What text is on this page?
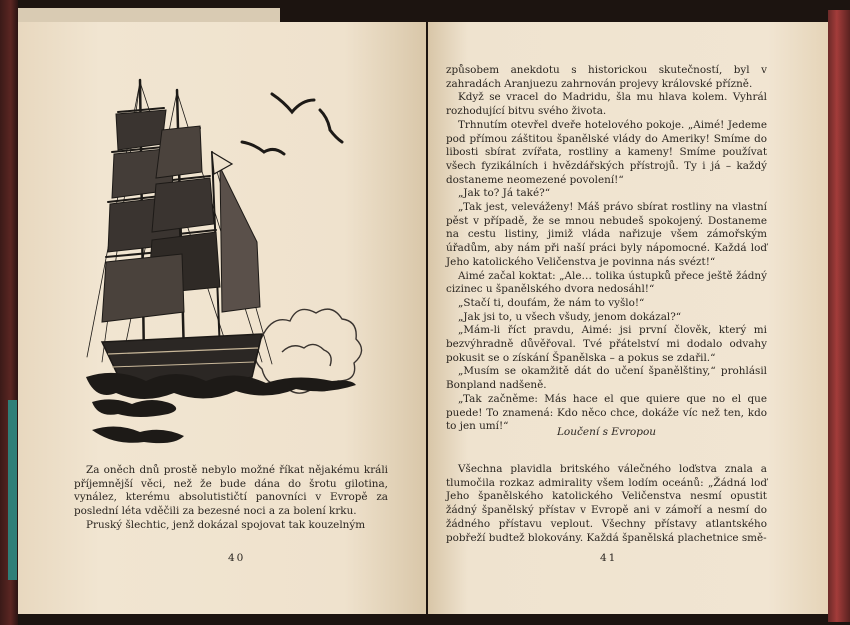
Za oněch dnů prostě nebylo možné říkat nějakému králi příjemnější věci, než že bude dána do šrotu gilotina, vynález, kterému absolutističtí panovníci v Evropě za poslední léta vděčili za bezesné noci a za bolení krku.

Pruský šlechtic, jenž dokázal spojovat tak kouzelným

40

způsobem anekdotu s historickou skutečností, byl v zahradách Aranjuezu zahrnován projevy královské přízně.

Když se vracel do Madridu, šla mu hlava kolem. Vyhrál rozhodující bitvu svého života.

Trhnutím otevřel dveře hotelového pokoje. „Aimé! Jedeme pod přímou záštitou španělské vlády do Ameriky! Smíme do libosti sbírat zvířata, rostliny a kameny! Smíme používat všech fyzikálních i hvězdářských přístrojů. Ty i já – každý dostaneme neomezené povolení!“

„Jak to? Já také?“

„Tak jest, veleváženy! Máš právo sbírat rostliny na vlastní pěst v případě, že se mnou nebudeš spokojený. Dostaneme na cestu listiny, jimiž vláda nařizuje všem zámořským úřadům, aby nám při naší práci byly nápomocné. Každá loď Jeho katolického Veličenstva je povinna nás svézt!“

Aimé začal koktat: „Ale… tolika ústupků přece ještě žádný cizinec u španělského dvora nedosáhl!“

„Stačí ti, doufám, že nám to vyšlo!“

„Jak jsi to, u všech všudy, jenom dokázal?“

„Mám-li říct pravdu, Aimé: jsi první člověk, který mi bezvýhradně důvěřoval. Tvé přátelství mi dodalo odvahy pokusit se o získání Španělska – a pokus se zdařil.“

„Musím se okamžitě dát do učení španělštiny,“ prohlásil Bonpland nadšeně.

„Tak začněme: Más hace el que quiere que no el que puede! To znamená: Kdo něco chce, dokáže víc než ten, kdo to jen umí!“	Loučení s Evropou

Všechna plavidla britského válečného loďstva znala a tlumočila rozkaz admirality všem lodím oceánů: „Žádná loď Jeho španělského katolického Veličenstva nesmí opustit žádný španělský přístav v Evropě ani v zámoří a nesmí do žádného přístavu veplout. Všechny přístavy atlantského pobřeží budtež blokovány. Každá španělská plachetnice smě-

41
